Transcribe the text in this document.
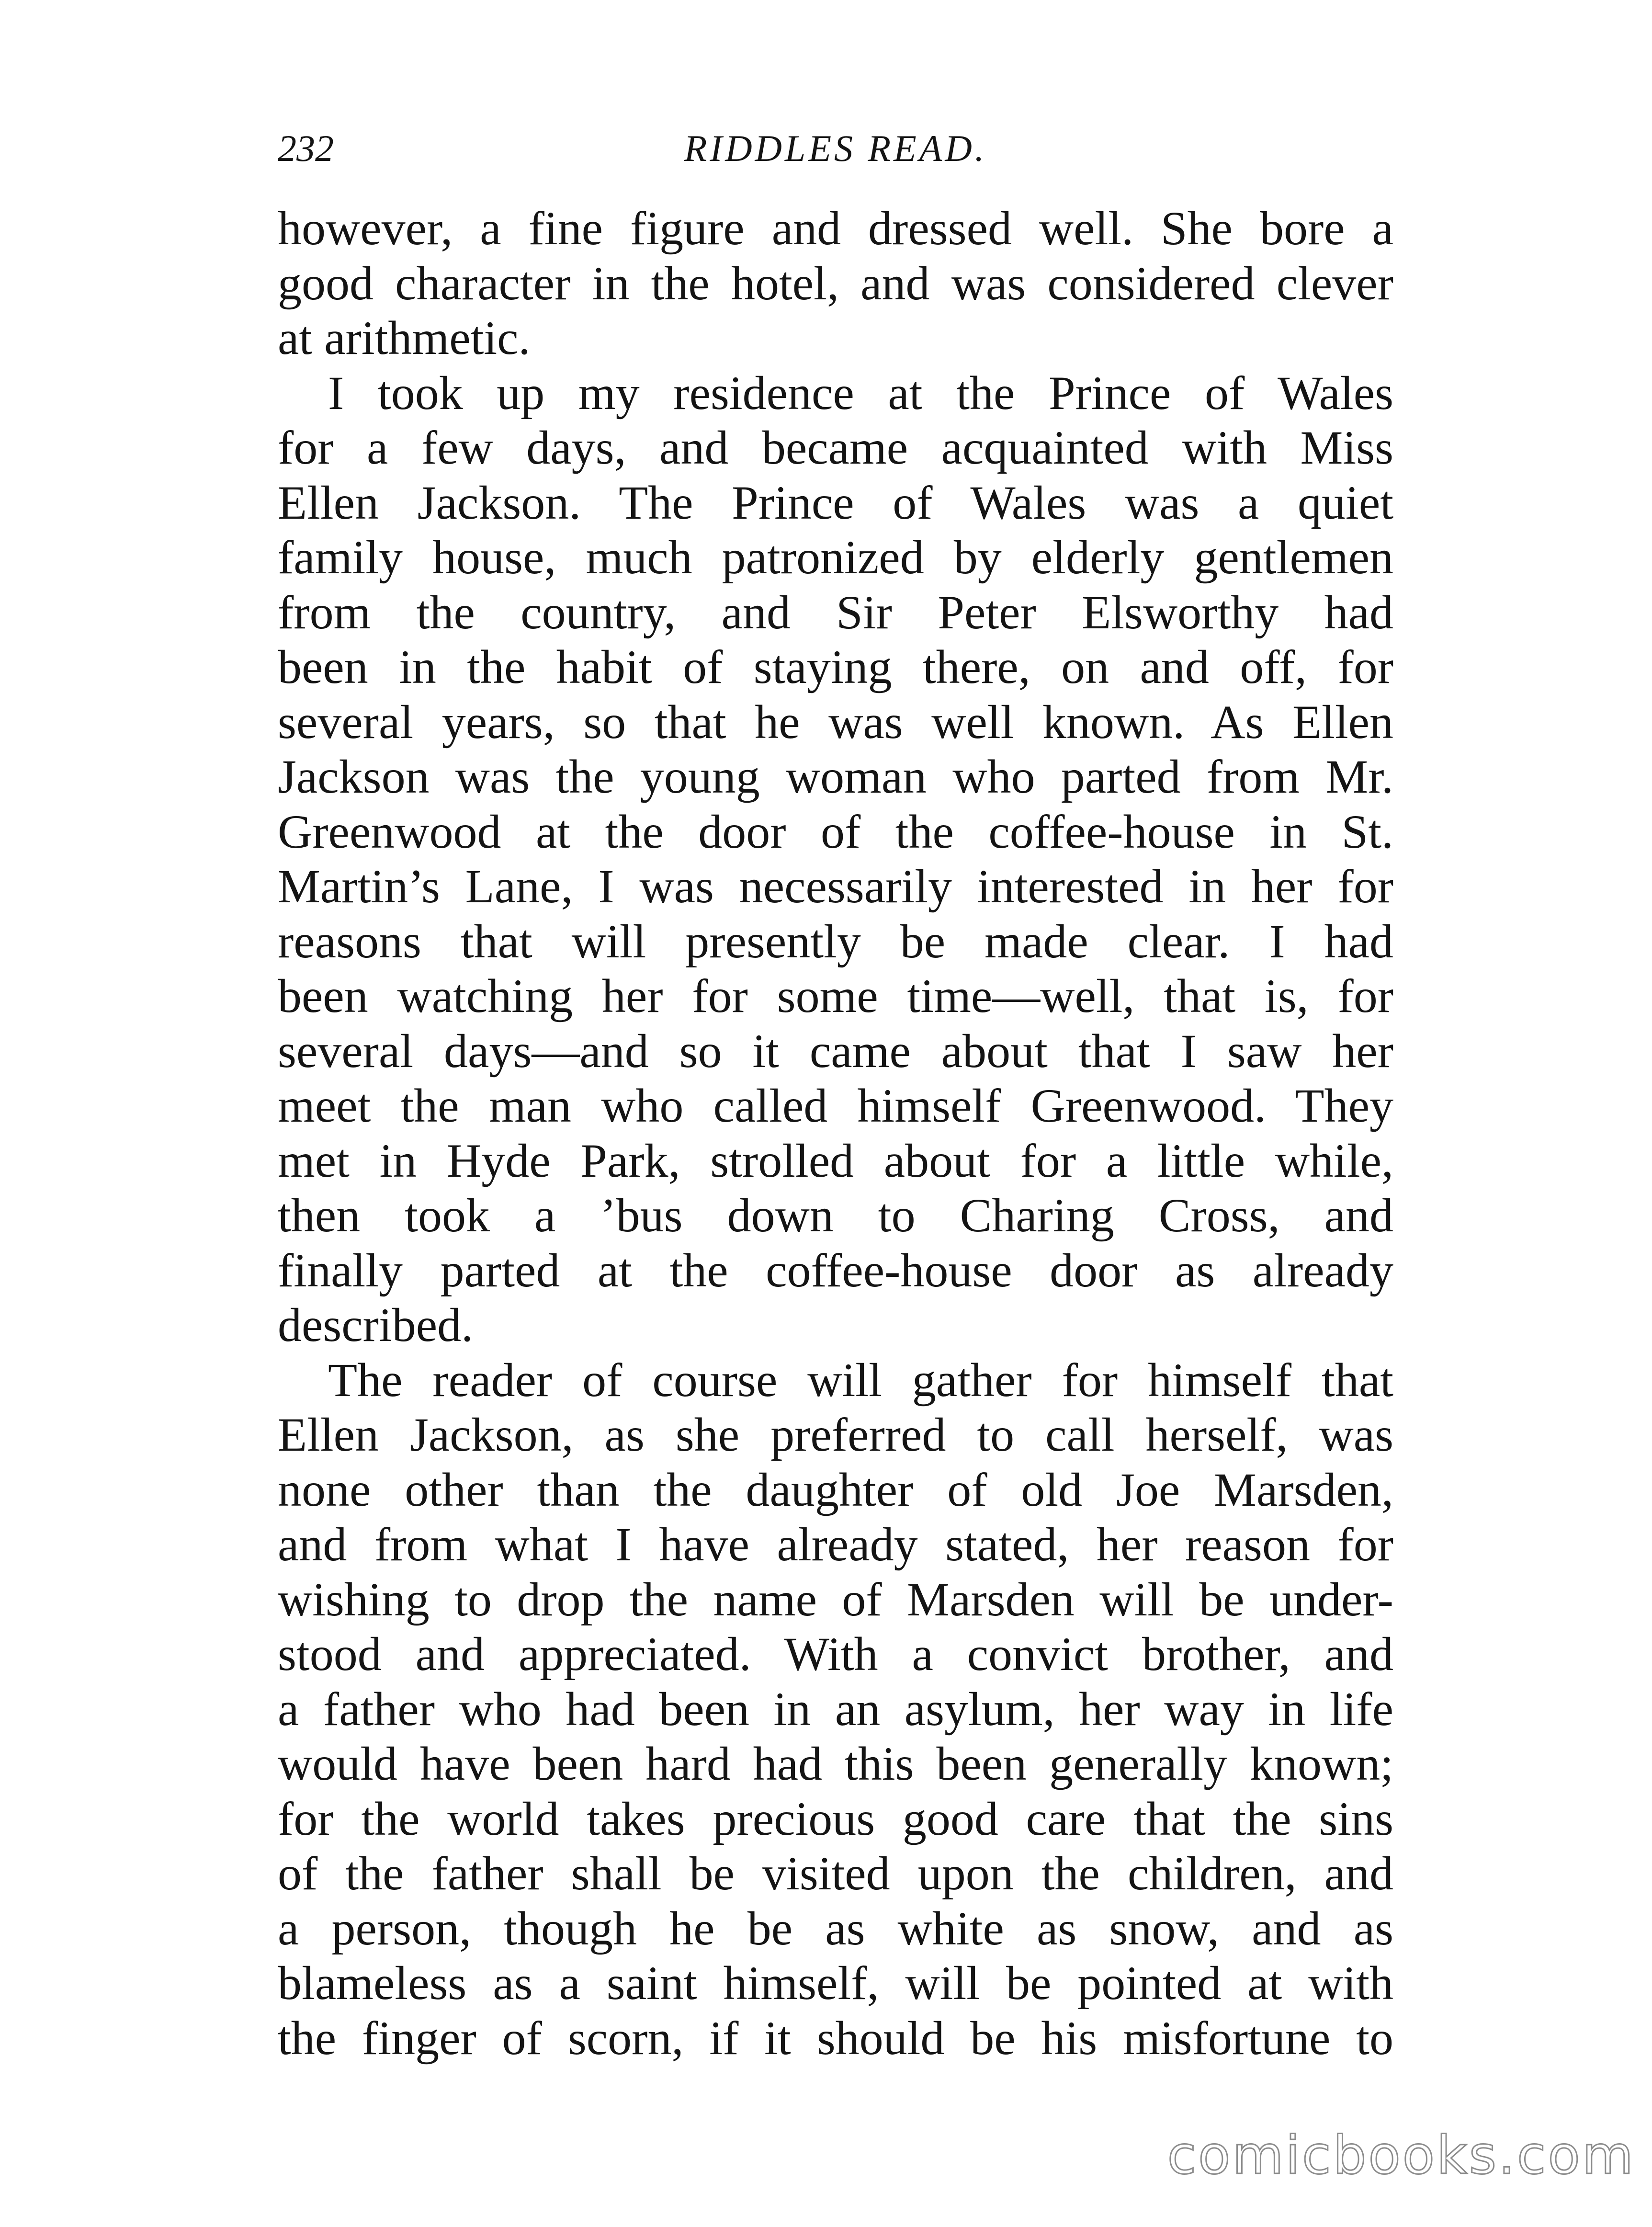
232	RIDDLES READ.
however, a fine figure and dressed well. She bore a
good character in the hotel, and was considered clever
at arithmetic.
I took up my residence at the Prince of Wales
for a few days, and became acquainted with Miss
Ellen Jackson. The Prince of Wales was a quiet
family house, much patronized by elderly gentlemen
from the country, and Sir Peter Elsworthy had
been in the habit of staying there, on and off, for
several years, so that he was well known. As Ellen
Jackson was the young woman who parted from Mr.
Greenwood at the door of the coffee-house in St.
Martin’s Lane, I was necessarily interested in her for
reasons that will presently be made clear. I had
been watching her for some time—well, that is, for
several days—and so it came about that I saw her
meet the man who called himself Greenwood. They
met in Hyde Park, strolled about for a little while,
then took a ’bus down to Charing Cross, and
finally parted at the coffee-house door as already
described.
The reader of course will gather for himself that
Ellen Jackson, as she preferred to call herself, was
none other than the daughter of old Joe Marsden,
and from what I have already stated, her reason for
wishing to drop the name of Marsden will be under-
stood and appreciated. With a convict brother, and
a father who had been in an asylum, her way in life
would have been hard had this been generally known;
for the world takes precious good care that the sins
of the father shall be visited upon the children, and
a person, though he be as white as snow, and as
blameless as a saint himself, will be pointed at with
the finger of scorn, if it should be his misfortune to
comicbooks.com
